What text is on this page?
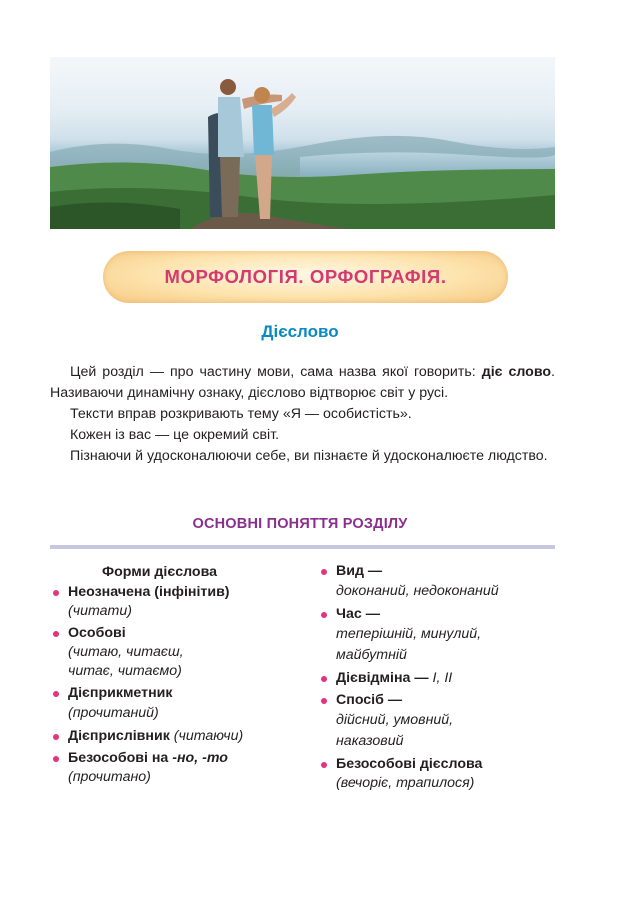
МОРФОЛОГІЯ. ОРФОГРАФІЯ.
Дієслово

Цей розділ — про частину мови, сама назва якої говорить: діє слово. Називаючи динамічну ознаку, дієслово відтворює світ у русі.

Тексти вправ розкривають тему «Я — особистість».

Кожен із вас — це окремий світ.

Пізнаючи й удосконалюючи себе, ви пізнаєте й удосконалюєте людство.

ОСНОВНІ ПОНЯТТЯ РОЗДІЛУ
Форми дієслова
Неозначена (інфінітив)
(читати)
Особові
(читаю, читаєш,
читає, читаємо)
Дієприкметник
(прочитаний)
Дієприслівник (читаючи)
Безособові на -но, -то
(прочитано)
Вид —
доконаний, недоконаний
Час —
теперішній, минулий,
майбутній
Дієвідміна — I, II
Спосіб —
дійсний, умовний,
наказовий
Безособові дієслова
(вечоріє, трапилося)
